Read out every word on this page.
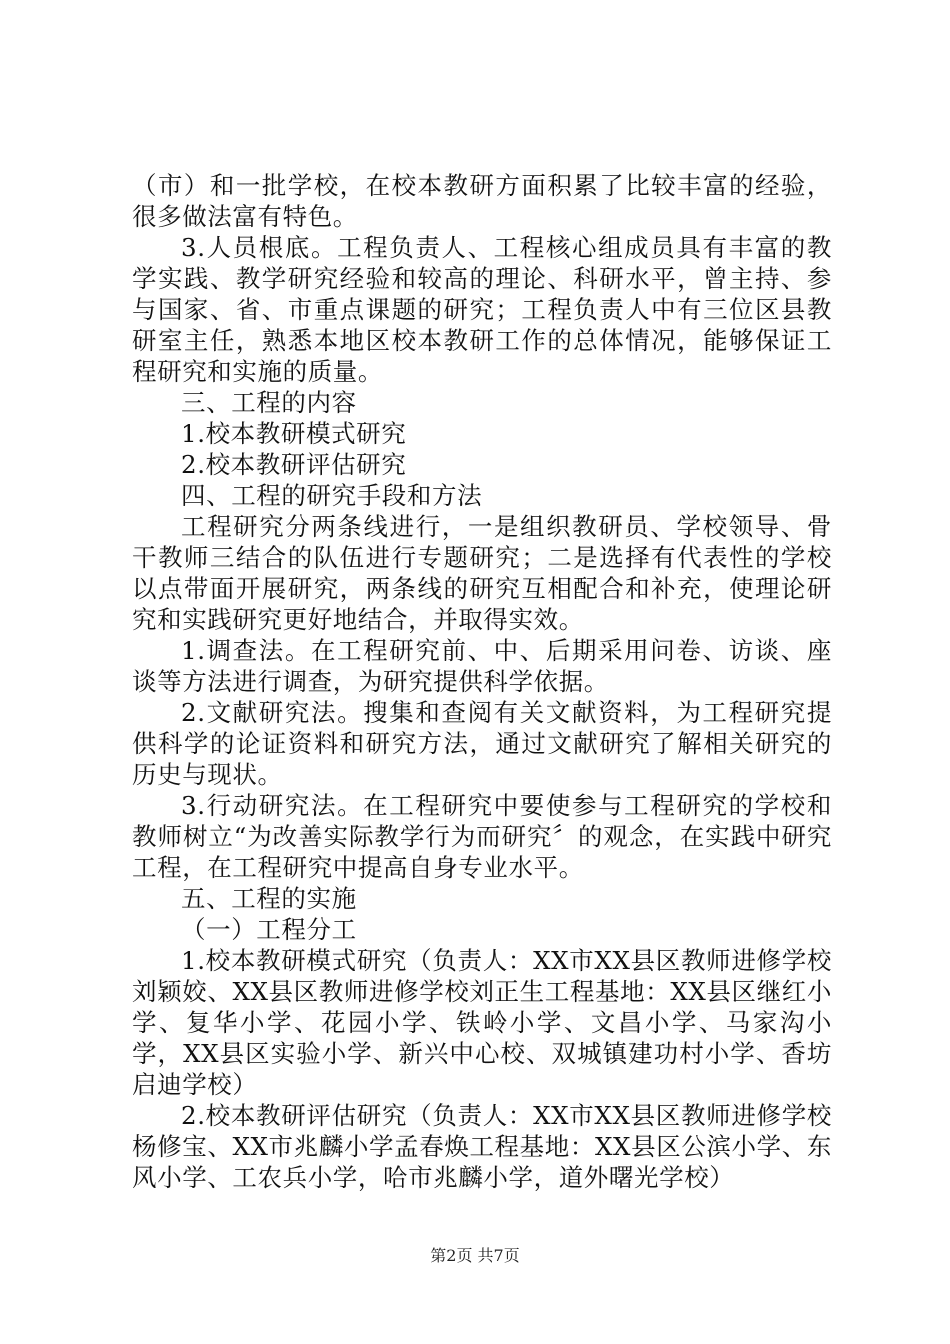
（市）和一批学校，在校本教研方面积累了比较丰富的经验，很多做法富有特色。

3.人员根底。工程负责人、工程核心组成员具有丰富的教学实践、教学研究经验和较高的理论、科研水平，曾主持、参与国家、省、市重点课题的研究；工程负责人中有三位区县教研室主任，熟悉本地区校本教研工作的总体情况，能够保证工程研究和实施的质量。

三、工程的内容

1.校本教研模式研究

2.校本教研评估研究

四、工程的研究手段和方法

工程研究分两条线进行，一是组织教研员、学校领导、骨干教师三结合的队伍进行专题研究；二是选择有代表性的学校以点带面开展研究，两条线的研究互相配合和补充，使理论研究和实践研究更好地结合，并取得实效。

1.调查法。在工程研究前、中、后期采用问卷、访谈、座谈等方法进行调查，为研究提供科学依据。

2.文献研究法。搜集和查阅有关文献资料，为工程研究提供科学的论证资料和研究方法，通过文献研究了解相关研究的历史与现状。

3.行动研究法。在工程研究中要使参与工程研究的学校和教师树立“为改善实际教学行为而研究〞的观念，在实践中研究工程，在工程研究中提高自身专业水平。

五、工程的实施

（一）工程分工

1.校本教研模式研究（负责人：XX市XX县区教师进修学校刘颖姣、XX县区教师进修学校刘正生工程基地：XX县区继红小学、复华小学、花园小学、铁岭小学、文昌小学、马家沟小学，XX县区实验小学、新兴中心校、双城镇建功村小学、香坊启迪学校）

2.校本教研评估研究（负责人：XX市XX县区教师进修学校杨修宝、XX市兆麟小学孟春焕工程基地：XX县区公滨小学、东风小学、工农兵小学，哈市兆麟小学，道外曙光学校）

第2页 共7页
